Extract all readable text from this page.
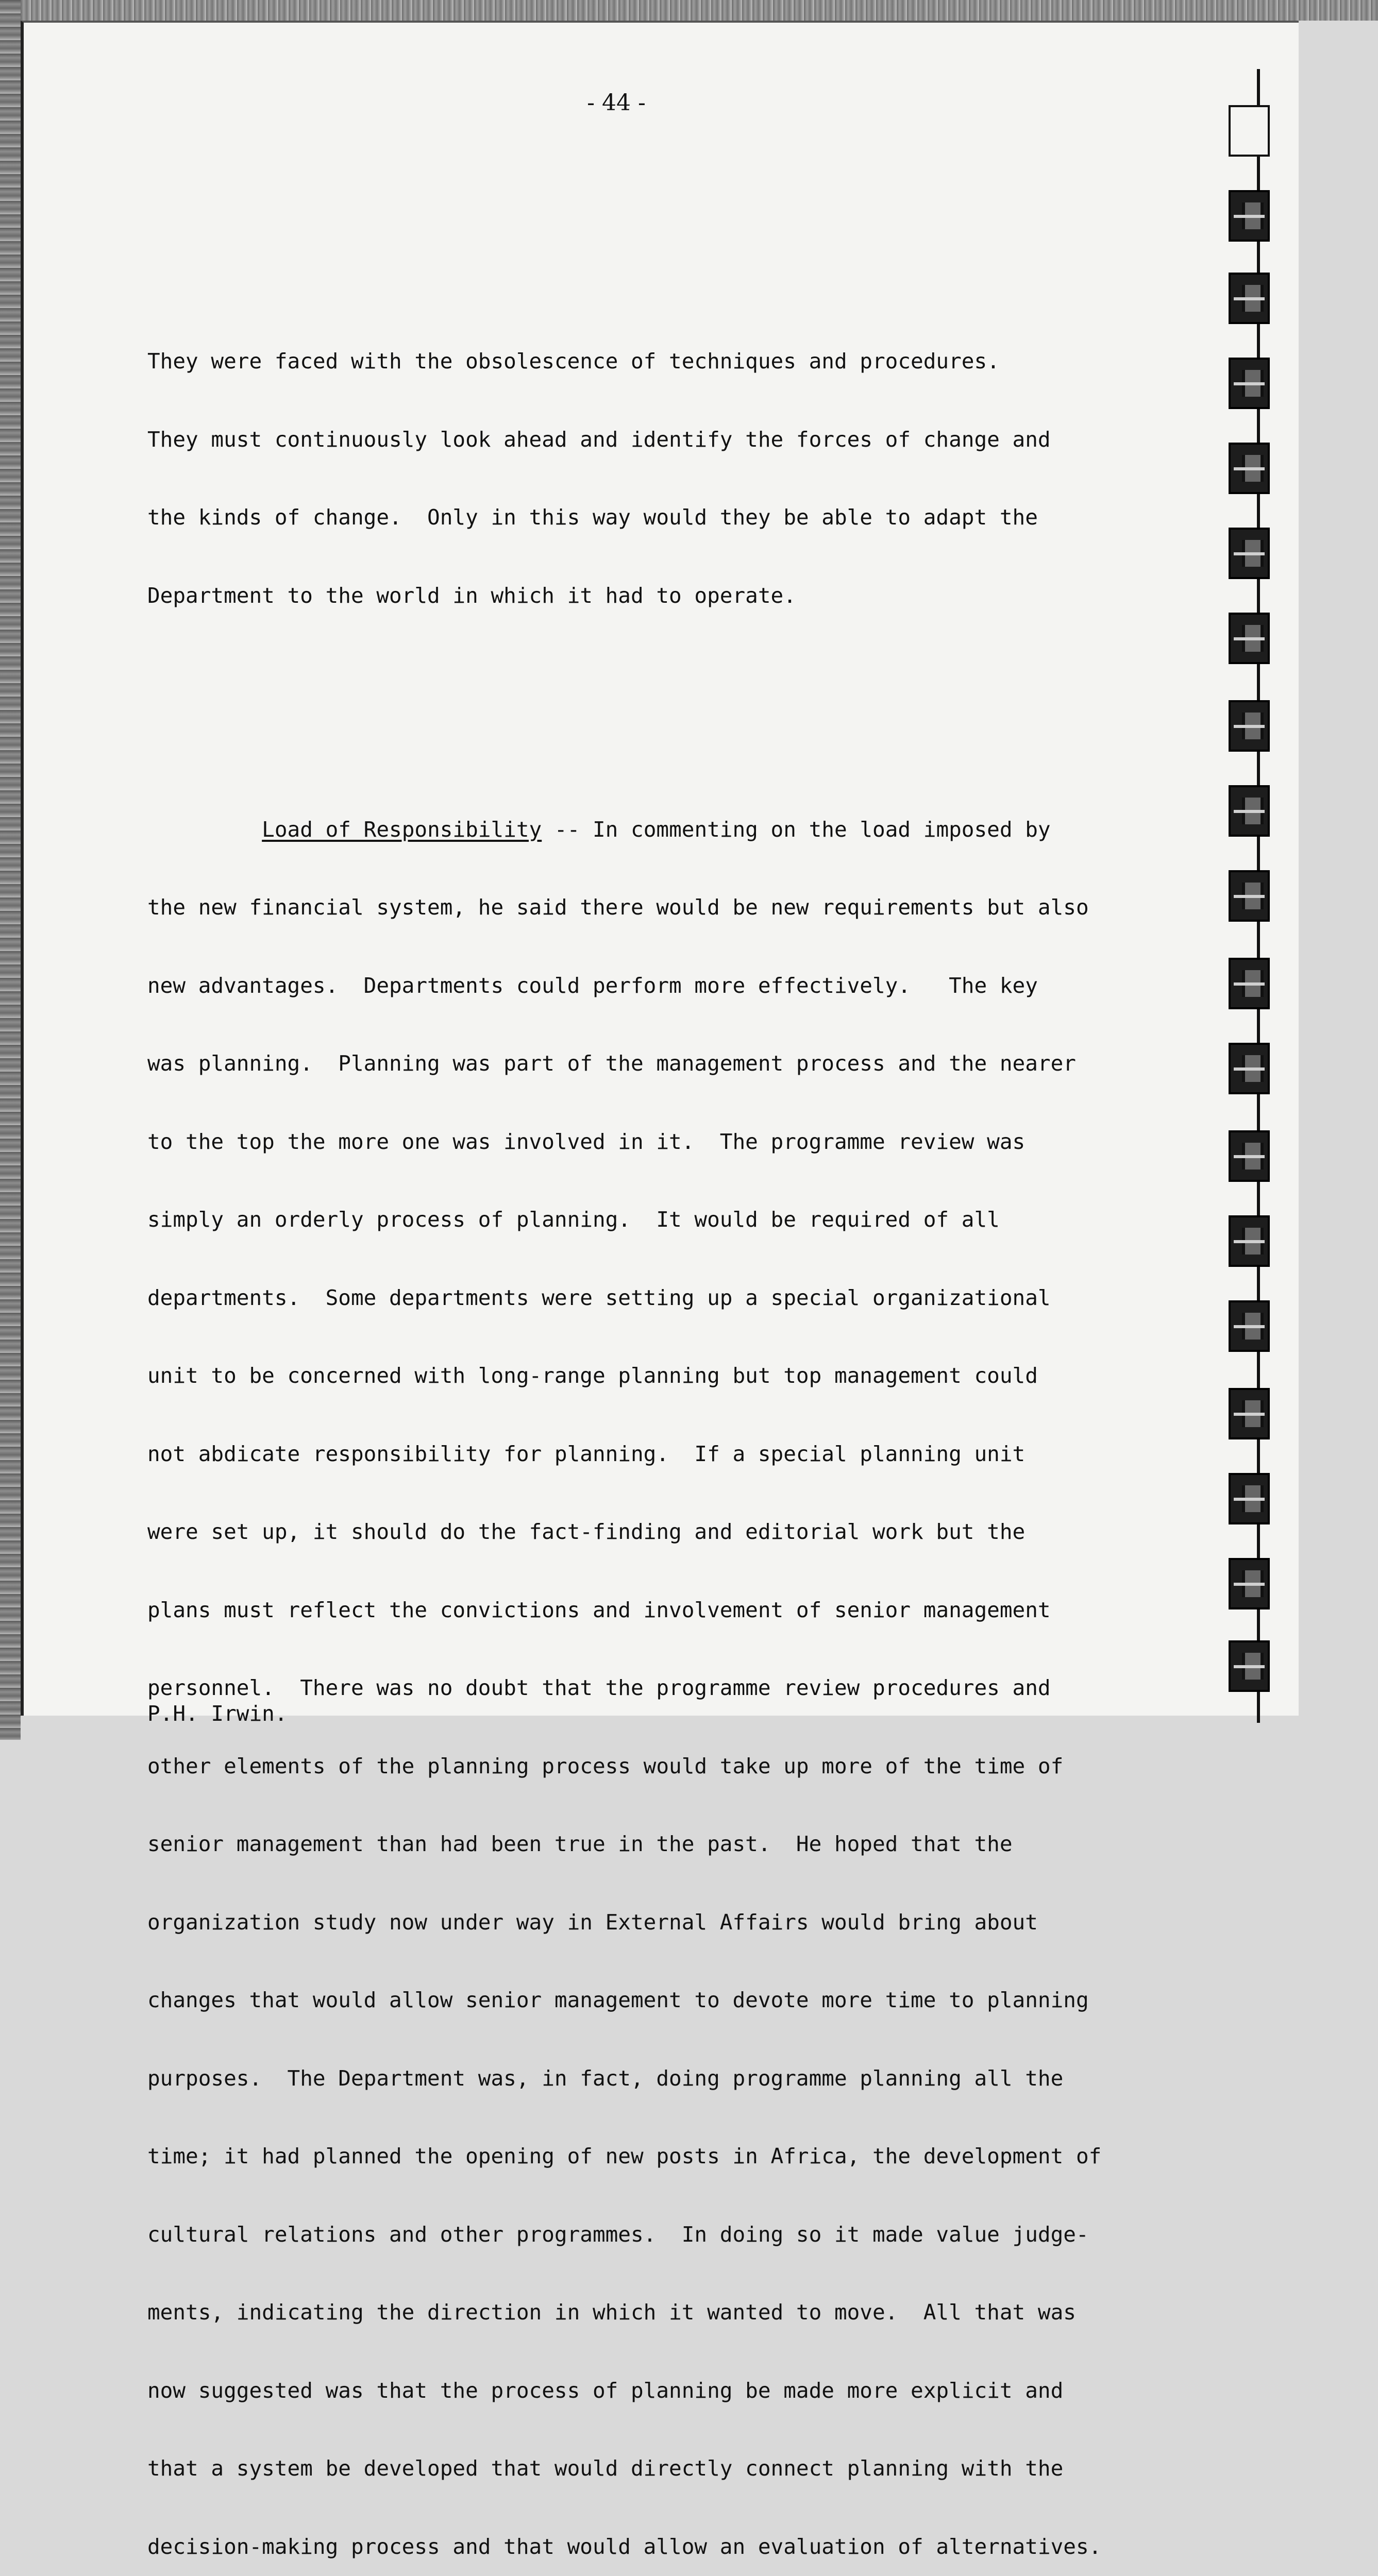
- 44 -

They were faced with the obsolescence of techniques and procedures.

They must continuously look ahead and identify the forces of change and

the kinds of change.  Only in this way would they be able to adapt the

Department to the world in which it had to operate.

Load of Responsibility -- In commenting on the load imposed by

the new financial system, he said there would be new requirements but also

new advantages.  Departments could perform more effectively.   The key

was planning.  Planning was part of the management process and the nearer

to the top the more one was involved in it.  The programme review was

simply an orderly process of planning.  It would be required of all

departments.  Some departments were setting up a special organizational

unit to be concerned with long-range planning but top management could

not abdicate responsibility for planning.  If a special planning unit

were set up, it should do the fact-finding and editorial work but the

plans must reflect the convictions and involvement of senior management

personnel.  There was no doubt that the programme review procedures and

other elements of the planning process would take up more of the time of

senior management than had been true in the past.  He hoped that the

organization study now under way in External Affairs would bring about

changes that would allow senior management to devote more time to planning

purposes.  The Department was, in fact, doing programme planning all the

time; it had planned the opening of new posts in Africa, the development of

cultural relations and other programmes.  In doing so it made value judge-

ments, indicating the direction in which it wanted to move.  All that was

now suggested was that the process of planning be made more explicit and

that a system be developed that would directly connect planning with the

decision-making process and that would allow an evaluation of alternatives.

P.H. Irwin.
